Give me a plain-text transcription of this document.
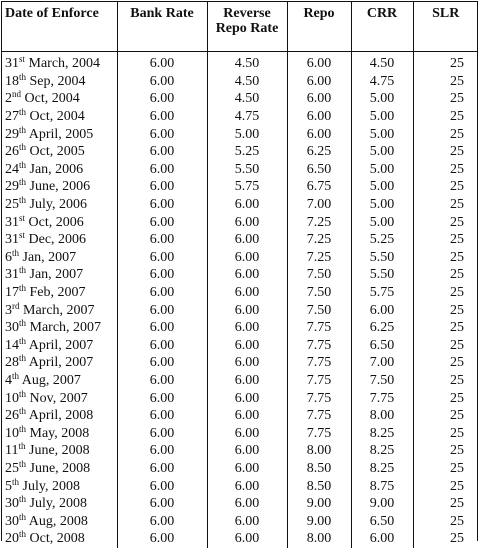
Date of Enforce	Bank Rate	Reverse Repo Rate	Repo	CRR	SLR
31st March, 2004	6.00	4.50	6.00	4.50	25
18th Sep, 2004	6.00	4.50	6.00	4.75	25
2nd Oct, 2004	6.00	4.50	6.00	5.00	25
27th Oct, 2004	6.00	4.75	6.00	5.00	25
29th April, 2005	6.00	5.00	6.00	5.00	25
26th Oct, 2005	6.00	5.25	6.25	5.00	25
24th Jan, 2006	6.00	5.50	6.50	5.00	25
29th June, 2006	6.00	5.75	6.75	5.00	25
25th July, 2006	6.00	6.00	7.00	5.00	25
31st Oct, 2006	6.00	6.00	7.25	5.00	25
31st Dec, 2006	6.00	6.00	7.25	5.25	25
6th Jan, 2007	6.00	6.00	7.25	5.50	25
31th Jan, 2007	6.00	6.00	7.50	5.50	25
17th Feb, 2007	6.00	6.00	7.50	5.75	25
3rd March, 2007	6.00	6.00	7.50	6.00	25
30th March, 2007	6.00	6.00	7.75	6.25	25
14th April, 2007	6.00	6.00	7.75	6.50	25
28th April, 2007	6.00	6.00	7.75	7.00	25
4th Aug, 2007	6.00	6.00	7.75	7.50	25
10th Nov, 2007	6.00	6.00	7.75	7.75	25
26th April, 2008	6.00	6.00	7.75	8.00	25
10th May, 2008	6.00	6.00	7.75	8.25	25
11th June, 2008	6.00	6.00	8.00	8.25	25
25th June, 2008	6.00	6.00	8.50	8.25	25
5th July, 2008	6.00	6.00	8.50	8.75	25
30th July, 2008	6.00	6.00	9.00	9.00	25
30th Aug, 2008	6.00	6.00	9.00	6.50	25
20th Oct, 2008	6.00	6.00	8.00	6.00	25
